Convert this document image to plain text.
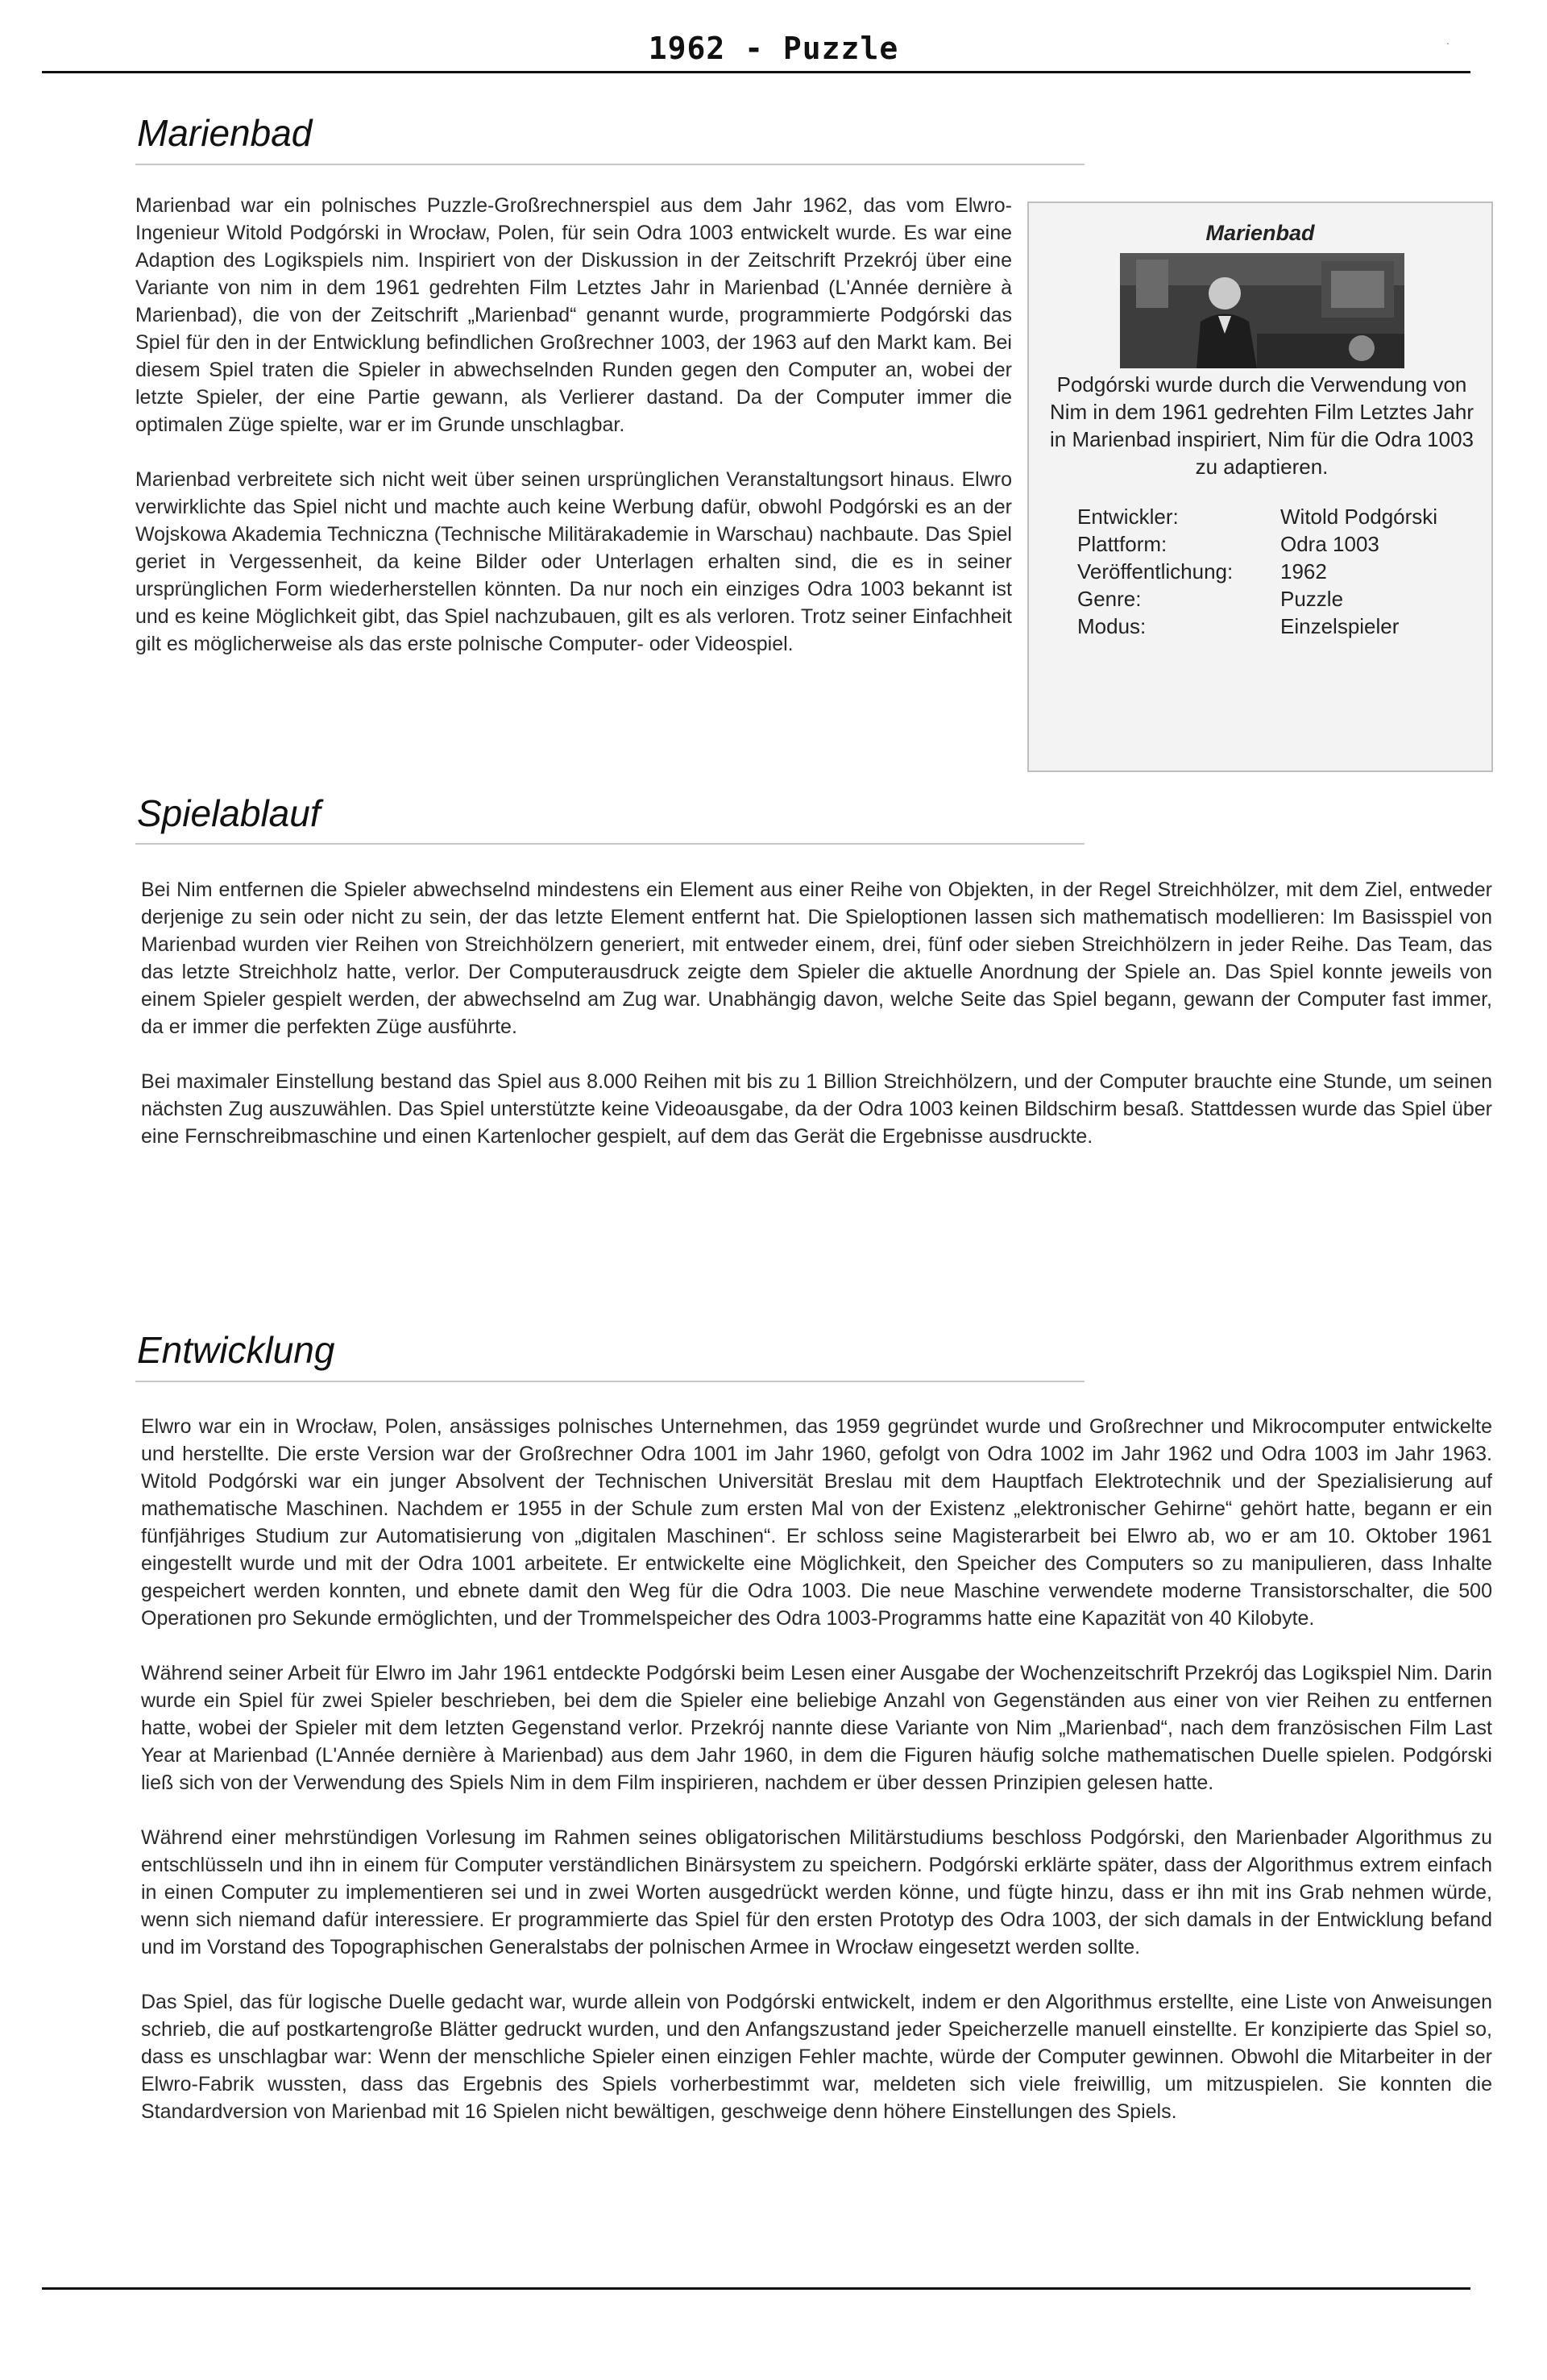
1962 - Puzzle	.
Marienbad

Marienbad war ein polnisches Puzzle-Großrechnerspiel aus dem Jahr 1962, das vom Elwro-Ingenieur Witold Podgórski in Wrocław, Polen, für sein Odra 1003 entwickelt wurde. Es war eine Adaption des Logikspiels nim. Inspiriert von der Diskussion in der Zeitschrift Przekrój über eine Variante von nim in dem 1961 gedrehten Film Letztes Jahr in Marienbad (L'Année dernière à Marienbad), die von der Zeitschrift „Marienbad“ genannt wurde, programmierte Podgórski das Spiel für den in der Entwicklung befindlichen Großrechner 1003, der 1963 auf den Markt kam. Bei diesem Spiel traten die Spieler in abwechselnden Runden gegen den Computer an, wobei der letzte Spieler, der eine Partie gewann, als Verlierer dastand. Da der Computer immer die optimalen Züge spielte, war er im Grunde unschlagbar.

Marienbad verbreitete sich nicht weit über seinen ursprünglichen Veranstaltungsort hinaus. Elwro verwirklichte das Spiel nicht und machte auch keine Werbung dafür, obwohl Podgórski es an der Wojskowa Akademia Techniczna (Technische Militärakademie in Warschau) nachbaute. Das Spiel geriet in Vergessenheit, da keine Bilder oder Unterlagen erhalten sind, die es in seiner ursprünglichen Form wiederherstellen könnten. Da nur noch ein einziges Odra 1003 bekannt ist und es keine Möglichkeit gibt, das Spiel nachzubauen, gilt es als verloren. Trotz seiner Einfachheit gilt es möglicherweise als das erste polnische Computer- oder Videospiel.

Marienbad
Podgórski wurde durch die Verwendung von Nim in dem 1961 gedrehten Film Letztes Jahr in Marienbad inspiriert, Nim für die Odra 1003 zu adaptieren.
Entwickler:	Witold Podgórski
Plattform:	Odra 1003
Veröffentlichung:	1962
Genre:	Puzzle
Modus:	Einzelspieler
Spielablauf

Bei Nim entfernen die Spieler abwechselnd mindestens ein Element aus einer Reihe von Objekten, in der Regel Streichhölzer, mit dem Ziel, entweder derjenige zu sein oder nicht zu sein, der das letzte Element entfernt hat. Die Spieloptionen lassen sich mathematisch modellieren: Im Basisspiel von Marienbad wurden vier Reihen von Streichhölzern generiert, mit entweder einem, drei, fünf oder sieben Streichhölzern in jeder Reihe. Das Team, das das letzte Streichholz hatte, verlor. Der Computerausdruck zeigte dem Spieler die aktuelle Anordnung der Spiele an. Das Spiel konnte jeweils von einem Spieler gespielt werden, der abwechselnd am Zug war. Unabhängig davon, welche Seite das Spiel begann, gewann der Computer fast immer, da er immer die perfekten Züge ausführte.

Bei maximaler Einstellung bestand das Spiel aus 8.000 Reihen mit bis zu 1 Billion Streichhölzern, und der Computer brauchte eine Stunde, um seinen nächsten Zug auszuwählen. Das Spiel unterstützte keine Videoausgabe, da der Odra 1003 keinen Bildschirm besaß. Stattdessen wurde das Spiel über eine Fernschreibmaschine und einen Kartenlocher gespielt, auf dem das Gerät die Ergebnisse ausdruckte.

Entwicklung

Elwro war ein in Wrocław, Polen, ansässiges polnisches Unternehmen, das 1959 gegründet wurde und Großrechner und Mikrocomputer entwickelte und herstellte. Die erste Version war der Großrechner Odra 1001 im Jahr 1960, gefolgt von Odra 1002 im Jahr 1962 und Odra 1003 im Jahr 1963. Witold Podgórski war ein junger Absolvent der Technischen Universität Breslau mit dem Hauptfach Elektrotechnik und der Spezialisierung auf mathematische Maschinen. Nachdem er 1955 in der Schule zum ersten Mal von der Existenz „elektronischer Gehirne“ gehört hatte, begann er ein fünfjähriges Studium zur Automatisierung von „digitalen Maschinen“. Er schloss seine Magisterarbeit bei Elwro ab, wo er am 10. Oktober 1961 eingestellt wurde und mit der Odra 1001 arbeitete. Er entwickelte eine Möglichkeit, den Speicher des Computers so zu manipulieren, dass Inhalte gespeichert werden konnten, und ebnete damit den Weg für die Odra 1003. Die neue Maschine verwendete moderne Transistorschalter, die 500 Operationen pro Sekunde ermöglichten, und der Trommelspeicher des Odra 1003-Programms hatte eine Kapazität von 40 Kilobyte.

Während seiner Arbeit für Elwro im Jahr 1961 entdeckte Podgórski beim Lesen einer Ausgabe der Wochenzeitschrift Przekrój das Logikspiel Nim. Darin wurde ein Spiel für zwei Spieler beschrieben, bei dem die Spieler eine beliebige Anzahl von Gegenständen aus einer von vier Reihen zu entfernen hatte, wobei der Spieler mit dem letzten Gegenstand verlor. Przekrój nannte diese Variante von Nim „Marienbad“, nach dem französischen Film Last Year at Marienbad (L'Année dernière à Marienbad) aus dem Jahr 1960, in dem die Figuren häufig solche mathematischen Duelle spielen. Podgórski ließ sich von der Verwendung des Spiels Nim in dem Film inspirieren, nachdem er über dessen Prinzipien gelesen hatte.

Während einer mehrstündigen Vorlesung im Rahmen seines obligatorischen Militärstudiums beschloss Podgórski, den Marienbader Algorithmus zu entschlüsseln und ihn in einem für Computer verständlichen Binärsystem zu speichern. Podgórski erklärte später, dass der Algorithmus extrem einfach in einen Computer zu implementieren sei und in zwei Worten ausgedrückt werden könne, und fügte hinzu, dass er ihn mit ins Grab nehmen würde, wenn sich niemand dafür interessiere. Er programmierte das Spiel für den ersten Prototyp des Odra 1003, der sich damals in der Entwicklung befand und im Vorstand des Topographischen Generalstabs der polnischen Armee in Wrocław eingesetzt werden sollte.

Das Spiel, das für logische Duelle gedacht war, wurde allein von Podgórski entwickelt, indem er den Algorithmus erstellte, eine Liste von Anweisungen schrieb, die auf postkartengroße Blätter gedruckt wurden, und den Anfangszustand jeder Speicherzelle manuell einstellte. Er konzipierte das Spiel so, dass es unschlagbar war: Wenn der menschliche Spieler einen einzigen Fehler machte, würde der Computer gewinnen. Obwohl die Mitarbeiter in der Elwro-Fabrik wussten, dass das Ergebnis des Spiels vorherbestimmt war, meldeten sich viele freiwillig, um mitzuspielen. Sie konnten die Standardversion von Marienbad mit 16 Spielen nicht bewältigen, geschweige denn höhere Einstellungen des Spiels.
